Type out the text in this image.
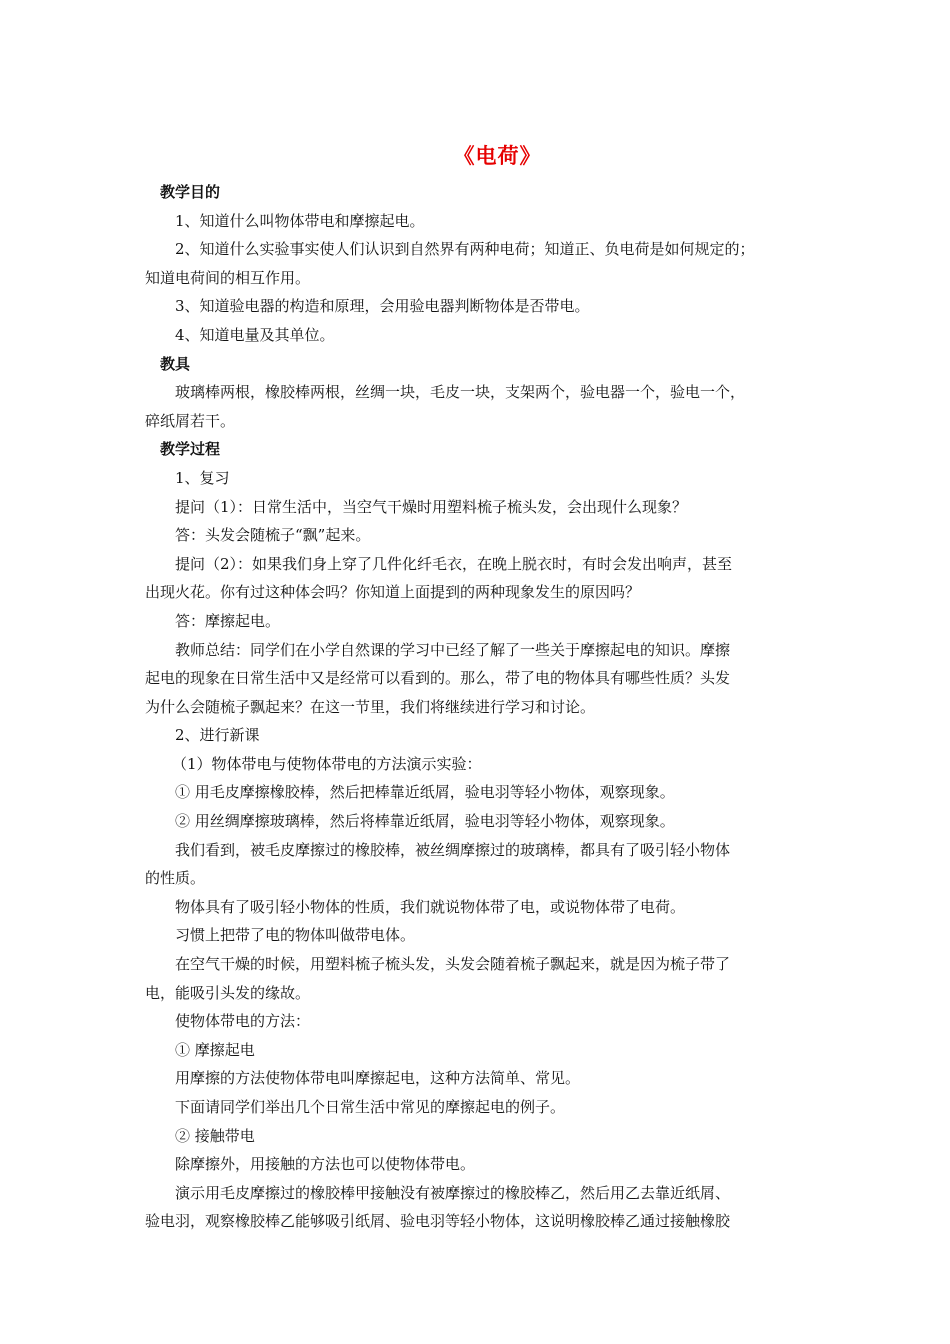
《电荷》
教学目的
1、知道什么叫物体带电和摩擦起电。
2、知道什么实验事实使人们认识到自然界有两种电荷；知道正、负电荷是如何规定的；
知道电荷间的相互作用。
3、知道验电器的构造和原理，会用验电器判断物体是否带电。
4、知道电量及其单位。
教具
玻璃棒两根，橡胶棒两根，丝绸一块，毛皮一块，支架两个，验电器一个，验电一个，
碎纸屑若干。
教学过程
1、复习
提问（1）：日常生活中，当空气干燥时用塑料梳子梳头发，会出现什么现象？
答：头发会随梳子“飘”起来。
提问（2）：如果我们身上穿了几件化纤毛衣，在晚上脱衣时，有时会发出响声，甚至
出现火花。你有过这种体会吗？你知道上面提到的两种现象发生的原因吗？
答：摩擦起电。
教师总结：同学们在小学自然课的学习中已经了解了一些关于摩擦起电的知识。摩擦
起电的现象在日常生活中又是经常可以看到的。那么，带了电的物体具有哪些性质？头发
为什么会随梳子飘起来？在这一节里，我们将继续进行学习和讨论。
2、进行新课
（1）物体带电与使物体带电的方法演示实验：
① 用毛皮摩擦橡胶棒，然后把棒靠近纸屑，验电羽等轻小物体，观察现象。
② 用丝绸摩擦玻璃棒，然后将棒靠近纸屑，验电羽等轻小物体，观察现象。
我们看到，被毛皮摩擦过的橡胶棒，被丝绸摩擦过的玻璃棒，都具有了吸引轻小物体
的性质。
物体具有了吸引轻小物体的性质，我们就说物体带了电，或说物体带了电荷。
习惯上把带了电的物体叫做带电体。
在空气干燥的时候，用塑料梳子梳头发，头发会随着梳子飘起来，就是因为梳子带了
电，能吸引头发的缘故。
使物体带电的方法：
① 摩擦起电
用摩擦的方法使物体带电叫摩擦起电，这种方法简单、常见。
下面请同学们举出几个日常生活中常见的摩擦起电的例子。
② 接触带电
除摩擦外，用接触的方法也可以使物体带电。
演示用毛皮摩擦过的橡胶棒甲接触没有被摩擦过的橡胶棒乙，然后用乙去靠近纸屑、
验电羽，观察橡胶棒乙能够吸引纸屑、验电羽等轻小物体，这说明橡胶棒乙通过接触橡胶
